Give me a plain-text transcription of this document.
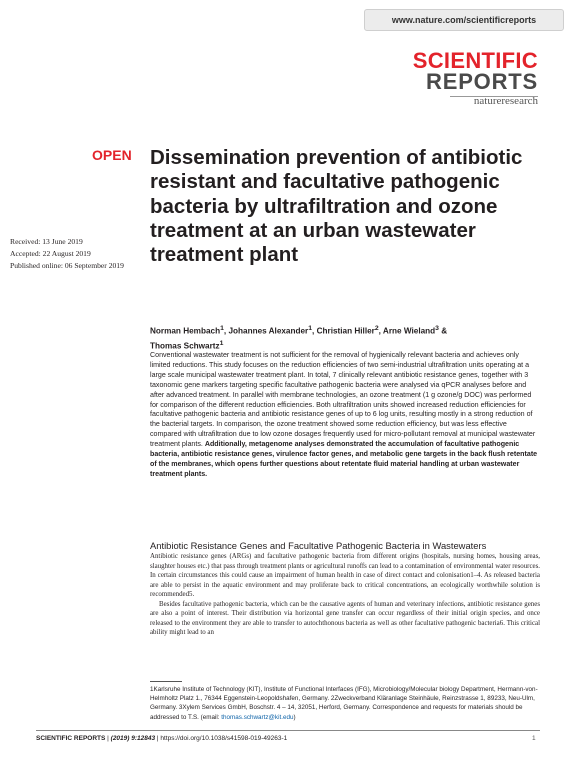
www.nature.com/scientificreports
SCIENTIFIC
REPORTS
natureresearch
OPEN Dissemination prevention of antibiotic resistant and facultative pathogenic bacteria by ultrafiltration and ozone treatment at an urban wastewater treatment plant
Received: 13 June 2019
Accepted: 22 August 2019
Published online: 06 September 2019
Norman Hembach$^1$, Johannes Alexander$^1$, Christian Hiller$^2$, Arne Wieland$^3$ &
Thomas Schwartz$^1$

Conventional wastewater treatment is not sufficient for the removal of hygienically relevant bacteria and achieves only limited reductions. This study focuses on the reduction efficiencies of two semi-industrial ultrafiltration units operating at a large scale municipal wastewater treatment plant. In total, 7 clinically relevant antibiotic resistance genes, together with 3 taxonomic gene markers targeting specific facultative pathogenic bacteria were analysed via qPCR analyses before and after advanced treatment. In parallel with membrane technologies, an ozone treatment (1 g ozone/g DOC) was performed for comparison of the different reduction efficiencies. Both ultrafiltration units showed increased reduction efficiencies for facultative pathogenic bacteria and antibiotic resistance genes of up to 6 log units, resulting mostly in a strong reduction of the bacterial targets. In comparison, the ozone treatment showed some reduction efficiency, but was less effective compared with ultrafiltration due to low ozone dosages frequently used for micro-pollutant removal at municipal wastewater treatment plants. Additionally, metagenome analyses demonstrated the accumulation of facultative pathogenic bacteria, antibiotic resistance genes, virulence factor genes, and metabolic gene targets in the back flush retentate of the membranes, which opens further questions about retentate fluid material handling at urban wastewater treatment plants.

Antibiotic Resistance Genes and Facultative Pathogenic Bacteria in Wastewaters

Antibiotic resistance genes (ARGs) and facultative pathogenic bacteria from different origins (hospitals, nursing homes, housing areas, slaughter houses etc.) that pass through treatment plants or agricultural runoffs can lead to a contamination of environmental water resources. In certain circumstances this could cause an impairment of human health in case of direct contact and colonisation1–4. As released bacteria are able to persist in the aquatic environment and may proliferate back to critical concentrations, an ecologically worthwhile solution is recommended5.

Besides facultative pathogenic bacteria, which can be the causative agents of human and veterinary infections, antibiotic resistance genes are also a point of interest. Their distribution via horizontal gene transfer can occur regardless of their initial origin species, and once released to the environment they are able to transfer to autochthonous bacteria as well as other facultative pathogenic bacteria6. This critical ability might lead to an

1Karlsruhe Institute of Technology (KIT), Institute of Functional Interfaces (IFG), Microbiology/Molecular biology Department, Hermann-von-Helmholtz Platz 1., 76344 Eggenstein-Leopoldshafen, Germany. 2Zweckverband Kläranlage Steinhäule, Reinzstrasse 1, 89233, Neu-Ulm, Germany. 3Xylem Services GmbH, Boschstr. 4 – 14, 32051, Herford, Germany. Correspondence and requests for materials should be addressed to T.S. (email: thomas.schwartz@kit.edu)
SCIENTIFIC REPORTS | (2019) 9:12843 | https://doi.org/10.1038/s41598-019-49263-1	1
